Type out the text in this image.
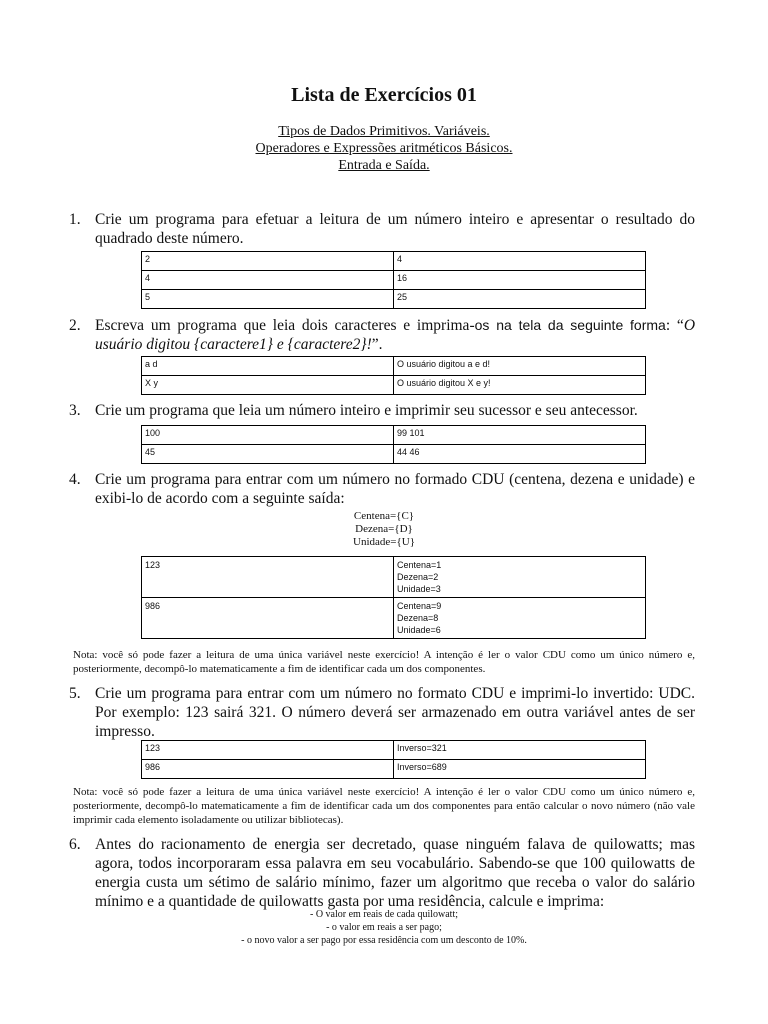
Lista de Exercícios 01
Tipos de Dados Primitivos. Variáveis.
Operadores e Expressões aritméticos Básicos.
Entrada e Saída.
1. Crie um programa para efetuar a leitura de um número inteiro e apresentar o resultado do quadrado deste número.
2	4
4	16
5	25
2. Escreva um programa que leia dois caracteres e imprima-os na tela da seguinte forma: “O usuário digitou {caractere1} e {caractere2}!”.
a d	O usuário digitou a e d!
X y	O usuário digitou X e y!
3. Crie um programa que leia um número inteiro e imprimir seu sucessor e seu antecessor.
100	99 101
45	44 46
4. Crie um programa para entrar com um número no formado CDU (centena, dezena e unidade) e exibi-lo de acordo com a seguinte saída:
Centena={C}
Dezena={D}
Unidade={U}
123	Centena=1
Dezena=2
Unidade=3

986	Centena=9
Dezena=8
Unidade=6
Nota: você só pode fazer a leitura de uma única variável neste exercício! A intenção é ler o valor CDU como um único número e, posteriormente, decompô-lo matematicamente a fim de identificar cada um dos componentes.
5. Crie um programa para entrar com um número no formato CDU e imprimi-lo invertido: UDC. Por exemplo: 123 sairá 321. O número deverá ser armazenado em outra variável antes de ser impresso.
123	Inverso=321
986	Inverso=689
Nota: você só pode fazer a leitura de uma única variável neste exercício! A intenção é ler o valor CDU como um único número e, posteriormente, decompô-lo matematicamente a fim de identificar cada um dos componentes para então calcular o novo número (não vale imprimir cada elemento isoladamente ou utilizar bibliotecas).
6. Antes do racionamento de energia ser decretado, quase ninguém falava de quilowatts; mas agora, todos incorporaram essa palavra em seu vocabulário. Sabendo-se que 100 quilowatts de energia custa um sétimo de salário mínimo, fazer um algoritmo que receba o valor do salário mínimo e a quantidade de quilowatts gasta por uma residência, calcule e imprima:
- O valor em reais de cada quilowatt;
- o valor em reais a ser pago;
- o novo valor a ser pago por essa residência com um desconto de 10%.
